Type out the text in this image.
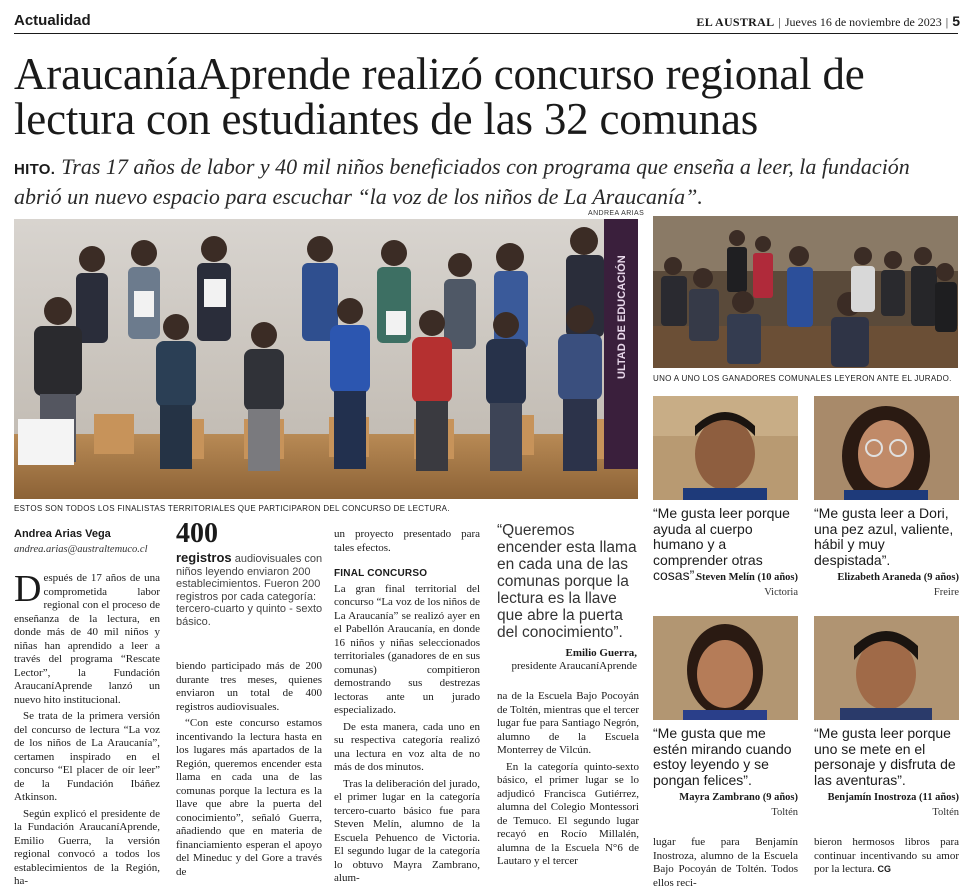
Actualidad	EL AUSTRAL | Jueves 16 de noviembre de 2023 | 5
AraucaníaAprende realizó concurso regional de lectura con estudiantes de las 32 comunas
HITO. Tras 17 años de labor y 40 mil niños beneficiados con programa que enseña a leer, la fundación abrió un nuevo espacio para escuchar “la voz de los niños de La Araucanía”.
ANDREA ARIAS
ULTAD DE EDUCACIÓN
ESTOS SON TODOS LOS FINALISTAS TERRITORIALES QUE PARTICIPARON DEL CONCURSO DE LECTURA.
UNO A UNO LOS GANADORES COMUNALES LEYERON ANTE EL JURADO.
“Me gusta leer porque ayuda al cuerpo humano y a comprender otras cosas”.
Steven Melín (10 años)
Victoria
“Me gusta leer a Dori, una pez azul, valiente, hábil y muy despistada”.
Elizabeth Araneda (9 años)
Freire
“Me gusta que me estén mirando cuando estoy leyendo y se pongan felices”.
Mayra Zambrano (9 años)
Toltén
“Me gusta leer porque uno se mete en el personaje y disfruta de las aventuras”.
Benjamín Inostroza (11 años)
Toltén
Andrea Arias Vega
andrea.arias@australtemuco.cl
400
registros audiovisuales con niños leyendo enviaron 200 establecimientos. Fueron 200 registros por cada categoría: tercero-cuarto y quinto - sexto básico.
“Queremos encender esta llama en cada una de las comunas porque la lectura es la llave que abre la puerta del conocimiento”.
Emilio Guerra,
presidente AraucaníAprende

Después de 17 años de una comprometida labor regional con el proceso de enseñanza de la lectura, en donde más de 40 mil niños y niñas han aprendido a leer a través del programa “Rescate Lector”, la Fundación AraucaníAprende lanzó un nuevo hito institucional.

Se trata de la primera versión del concurso de lectura “La voz de los niños de La Araucanía”, certamen inspirado en el concurso “El placer de oír leer” de la Fundación Ibáñez Atkinson.

Según explicó el presidente de la Fundación AraucaníAprende, Emilio Guerra, la versión regional convocó a todos los establecimientos de la Región, ha-

biendo participado más de 200 durante tres meses, quienes enviaron un total de 400 registros audiovisuales.

“Con este concurso estamos incentivando la lectura hasta en los lugares más apartados de la Región, queremos encender esta llama en cada una de las comunas porque la lectura es la llave que abre la puerta del conocimiento”, señaló Guerra, añadiendo que en materia de financiamiento esperan el apoyo del Mineduc y del Gore a través de

un proyecto presentado para tales efectos.

FINAL CONCURSO

La gran final territorial del concurso “La voz de los niños de La Araucanía” se realizó ayer en el Pabellón Araucanía, en donde 16 niños y niñas seleccionados territoriales (ganadores de en sus comunas) compitieron demostrando sus destrezas lectoras ante un jurado especializado.

De esta manera, cada uno en su respectiva categoría realizó una lectura en voz alta de no más de dos minutos.

Tras la deliberación del jurado, el primer lugar en la categoría tercero-cuarto básico fue para Steven Melín, alumno de la Escuela Pehuenco de Victoria. El segundo lugar de la categoría lo obtuvo Mayra Zambrano, alum-

na de la Escuela Bajo Pocoyán de Toltén, mientras que el tercer lugar fue para Santiago Negrón, alumno de la Escuela Monterrey de Vilcún.

En la categoría quinto-sexto básico, el primer lugar se lo adjudicó Francisca Gutiérrez, alumna del Colegio Montessori de Temuco. El segundo lugar recayó en Rocío Millalén, alumna de la Escuela N°6 de Lautaro y el tercer

lugar fue para Benjamín Inostroza, alumno de la Escuela Bajo Pocoyán de Toltén. Todos ellos reci-

bieron hermosos libros para continuar incentivando su amor por la lectura. CG
